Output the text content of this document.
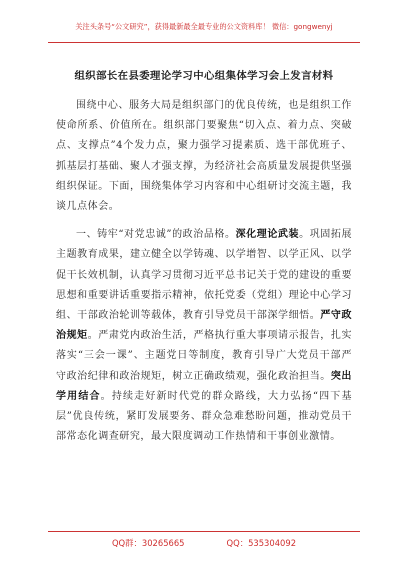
关注头条号“公文研究”，获得最新最全最专业的公文资料库！ 微信：gongwenyj
组织部长在县委理论学习中心组集体学习会上发言材料

围绕中心、服务大局是组织部门的优良传统，也是组织工作使命所系、价值所在。组织部门要聚焦“切入点、着力点、突破点、支撑点”4个发力点，聚力强学习提素质、选干部优班子、抓基层打基础、聚人才强支撑，为经济社会高质量发展提供坚强组织保证。下面，围绕集体学习内容和中心组研讨交流主题，我谈几点体会。

一、铸牢“对党忠诚”的政治品格。深化理论武装。巩固拓展主题教育成果，建立健全以学铸魂、以学增智、以学正风、以学促干长效机制，认真学习贯彻习近平总书记关于党的建设的重要思想和重要讲话重要指示精神，依托党委（党组）理论中心学习组、干部政治轮训等载体，教育引导党员干部深学细悟。严守政治规矩。严肃党内政治生活，严格执行重大事项请示报告，扎实落实“三会一课”、主题党日等制度，教育引导广大党员干部严守政治纪律和政治规矩，树立正确政绩观，强化政治担当。突出学用结合。持续走好新时代党的群众路线，大力弘扬“四下基层”优良传统，紧盯发展要务、群众急难愁盼问题，推动党员干部常态化调查研究，最大限度调动工作热情和干事创业激情。

QQ群：30265665	QQ：535304092
